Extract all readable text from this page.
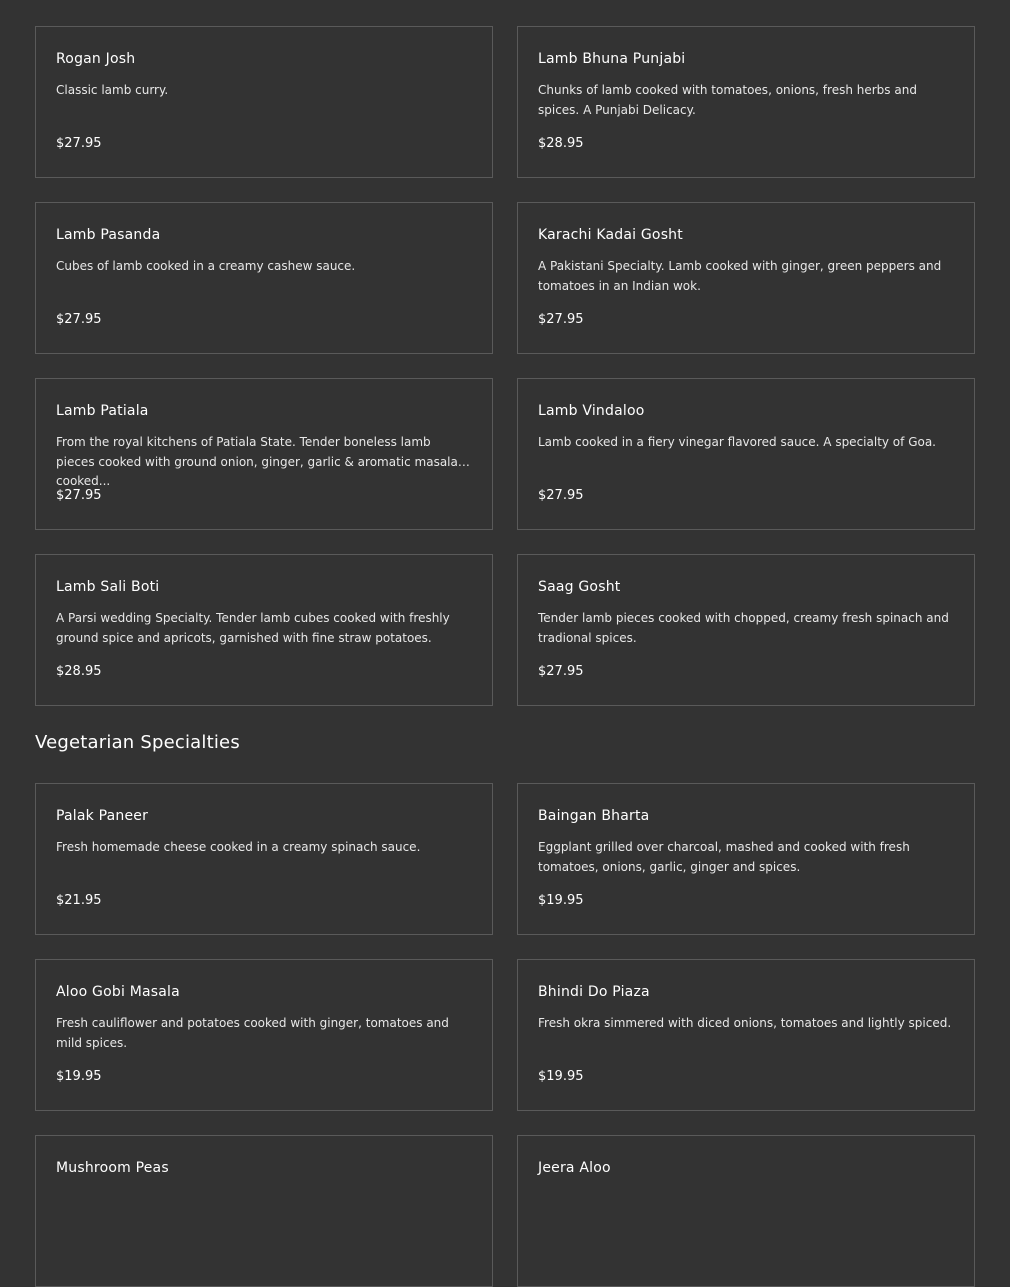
Rogan Josh
Classic lamb curry.
$27.95
Lamb Bhuna Punjabi
Chunks of lamb cooked with tomatoes, onions, fresh herbs and spices. A Punjabi Delicacy.
$28.95
Lamb Pasanda
Cubes of lamb cooked in a creamy cashew sauce.
$27.95
Karachi Kadai Gosht
A Pakistani Specialty. Lamb cooked with ginger, green peppers and tomatoes in an Indian wok.
$27.95
Lamb Patiala
From the royal kitchens of Patiala State. Tender boneless lamb pieces cooked with ground onion, ginger, garlic & aromatic masala, cooked...
$27.95
Lamb Vindaloo
Lamb cooked in a fiery vinegar flavored sauce. A specialty of Goa.
$27.95
Lamb Sali Boti
A Parsi wedding Specialty. Tender lamb cubes cooked with freshly ground spice and apricots, garnished with fine straw potatoes.
$28.95
Saag Gosht
Tender lamb pieces cooked with chopped, creamy fresh spinach and tradional spices.
$27.95
Vegetarian Specialties
Palak Paneer
Fresh homemade cheese cooked in a creamy spinach sauce.
$21.95
Baingan Bharta
Eggplant grilled over charcoal, mashed and cooked with fresh tomatoes, onions, garlic, ginger and spices.
$19.95
Aloo Gobi Masala
Fresh cauliflower and potatoes cooked with ginger, tomatoes and mild spices.
$19.95
Bhindi Do Piaza
Fresh okra simmered with diced onions, tomatoes and lightly spiced.
$19.95
Mushroom Peas	Jeera Aloo
